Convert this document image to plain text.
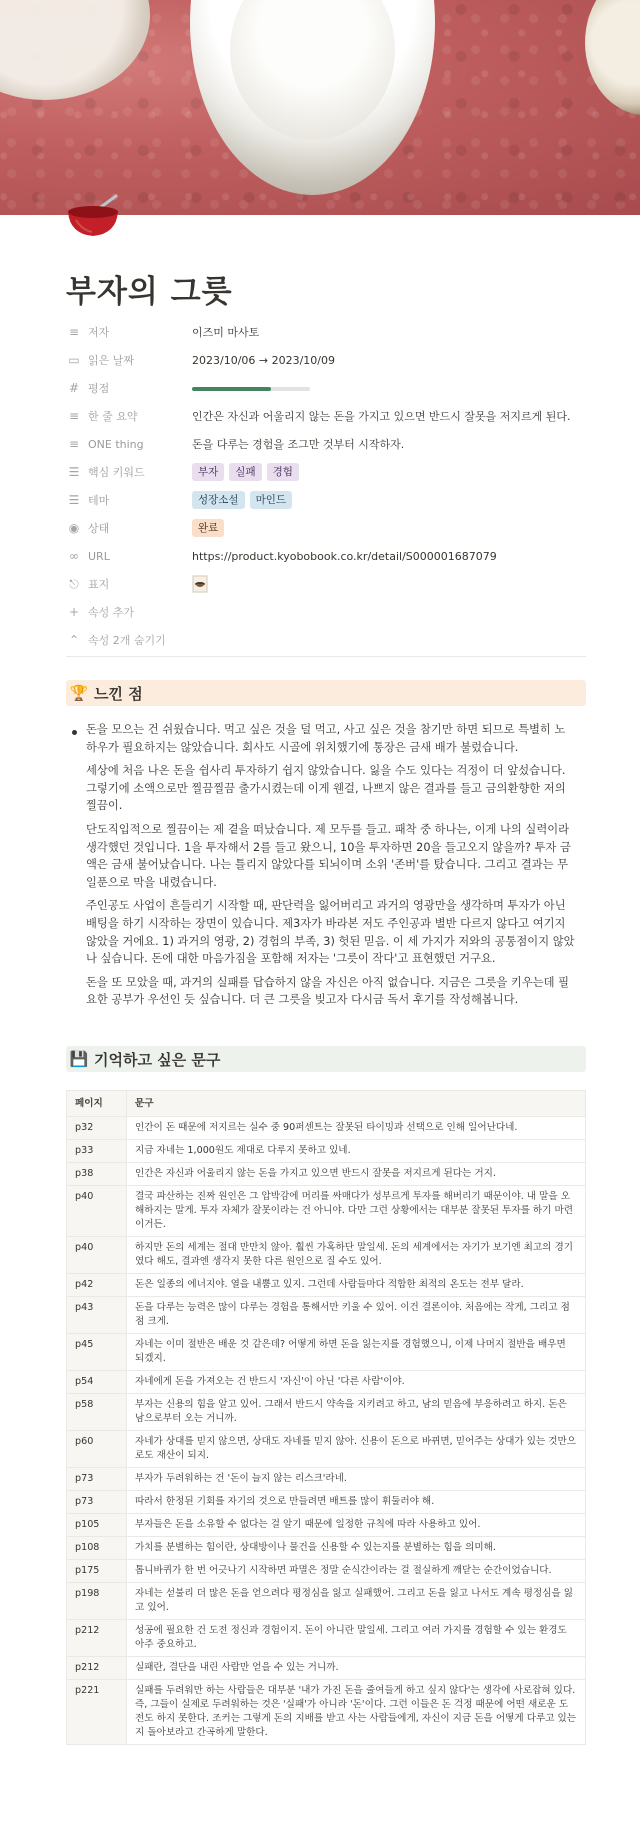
부자의 그릇
≡ 저자	이즈미 마사토
▭ 읽은 날짜	2023/10/06 → 2023/10/09
# 평점
≡ 한 줄 요약	인간은 자신과 어울리지 않는 돈을 가지고 있으면 반드시 잘못을 저지르게 된다.
≡ ONE thing	돈을 다루는 경험을 조그만 것부터 시작하자.
☰ 핵심 키워드	부자	실패	경험
☰ 테마	성장소설	마인드
◉ 상태	완료
∞ URL	https://product.kyobobook.co.kr/detail/S000001687079
⎋ 표지
+ 속성 추가
⌃ 속성 2개 숨기기
🏆 느낀 점

돈을 모으는 건 쉬웠습니다. 먹고 싶은 것을 덜 먹고, 사고 싶은 것을 참기만 하면 되므로 특별히 노하우가 필요하지는 않았습니다. 회사도 시골에 위치했기에 통장은 금새 배가 불렀습니다.

세상에 처음 나온 돈을 쉽사리 투자하기 쉽지 않았습니다. 잃을 수도 있다는 걱정이 더 앞섰습니다. 그렇기에 소액으로만 찔끔찔끔 출가시켰는데 이게 웬걸, 나쁘지 않은 결과를 들고 금의환향한 저의 찔끔이.

단도직입적으로 찔끔이는 제 곁을 떠났습니다. 제 모두를 들고. 패착 중 하나는, 이게 나의 실력이라 생각했던 것입니다. 1을 투자해서 2를 들고 왔으니, 10을 투자하면 20을 들고오지 않을까? 투자 금액은 금새 불어났습니다. 나는 틀리지 않았다를 되뇌이며 소위 '존버'를 탔습니다. 그리고 결과는 무일푼으로 막을 내렸습니다.

주인공도 사업이 흔들리기 시작할 때, 판단력을 잃어버리고 과거의 영광만을 생각하며 투자가 아닌 배팅을 하기 시작하는 장면이 있습니다. 제3자가 바라본 저도 주인공과 별반 다르지 않다고 여기지 않았을 거에요. 1) 과거의 영광, 2) 경험의 부족, 3) 헛된 믿음. 이 세 가지가 저와의 공통점이지 않았나 싶습니다. 돈에 대한 마음가짐을 포함해 저자는 '그릇이 작다'고 표현했던 거구요.

돈을 또 모았을 때, 과거의 실패를 답습하지 않을 자신은 아직 없습니다. 지금은 그릇을 키우는데 필요한 공부가 우선인 듯 싶습니다. 더 큰 그릇을 빚고자 다시금 독서 후기를 작성해봅니다.

💾 기억하고 싶은 문구
페이지	문구
p32	인간이 돈 때문에 저지르는 실수 중 90퍼센트는 잘못된 타이밍과 선택으로 인해 일어난다네.
p33	지금 자네는 1,000원도 제대로 다루지 못하고 있네.
p38	인간은 자신과 어울리지 않는 돈을 가지고 있으면 반드시 잘못을 저지르게 된다는 거지.
p40	결국 파산하는 진짜 원인은 그 압박감에 머리를 싸매다가 성부르게 투자를 해버리기 때문이야. 내 말을 오해하지는 말게. 투자 자체가 잘못이라는 건 아니야. 다만 그런 상황에서는 대부분 잘못된 투자를 하기 마련이거든.
p40	하지만 돈의 세계는 절대 만만치 않아. 훨씬 가혹하단 말일세. 돈의 세계에서는 자기가 보기엔 최고의 경기였다 해도, 결과엔 생각지 못한 다른 원인으로 질 수도 있어.
p42	돈은 일종의 에너지야. 열을 내뿜고 있지. 그런데 사람들마다 적합한 최적의 온도는 전부 달라.
p43	돈을 다루는 능력은 많이 다루는 경험을 통해서만 키울 수 있어. 이건 결론이야. 처음에는 작게, 그리고 점점 크게.
p45	자네는 이미 절반은 배운 것 같은데? 어떻게 하면 돈을 잃는지를 경험했으니, 이제 나머지 절반을 배우면 되겠지.
p54	자네에게 돈을 가져오는 건 반드시 '자신'이 아닌 '다른 사람'이야.
p58	부자는 신용의 힘을 알고 있어. 그래서 반드시 약속을 지키려고 하고, 남의 믿음에 부응하려고 하지. 돈은 남으로부터 오는 거니까.
p60	자네가 상대를 믿지 않으면, 상대도 자네를 믿지 않아. 신용이 돈으로 바뀌면, 믿어주는 상대가 있는 것만으로도 재산이 되지.
p73	부자가 두려워하는 건 '돈이 늘지 않는 리스크'라네.
p73	따라서 한정된 기회를 자기의 것으로 만들려면 배트를 많이 휘둘러야 해.
p105	부자들은 돈을 소유할 수 없다는 걸 알기 때문에 일정한 규칙에 따라 사용하고 있어.
p108	가치를 분별하는 힘이란, 상대방이나 물건을 신용할 수 있는지를 분별하는 힘을 의미해.
p175	톱니바퀴가 한 번 어긋나기 시작하면 파멸은 정말 순식간이라는 걸 절실하게 깨닫는 순간이었습니다.
p198	자네는 섣불리 더 많은 돈을 얻으려다 평정심을 잃고 실패했어. 그리고 돈을 잃고 나서도 계속 평정심을 잃고 있어.
p212	성공에 필요한 건 도전 정신과 경험이지. 돈이 아니란 말일세. 그리고 여러 가지를 경험할 수 있는 환경도 아주 중요하고.
p212	실패란, 결단을 내린 사람만 얻을 수 있는 거니까.
p221	실패를 두려워만 하는 사람들은 대부분 '내가 가진 돈을 줄여들게 하고 싶지 않다'는 생각에 사로잡혀 있다. 즉, 그들이 실제로 두려워하는 것은 '실패'가 아니라 '돈'이다. 그런 이들은 돈 걱정 때문에 어떤 새로운 도전도 하지 못한다. 조커는 그렇게 돈의 지배를 받고 사는 사람들에게, 자신이 지금 돈을 어떻게 다루고 있는지 돌아보라고 간곡하게 말한다.
